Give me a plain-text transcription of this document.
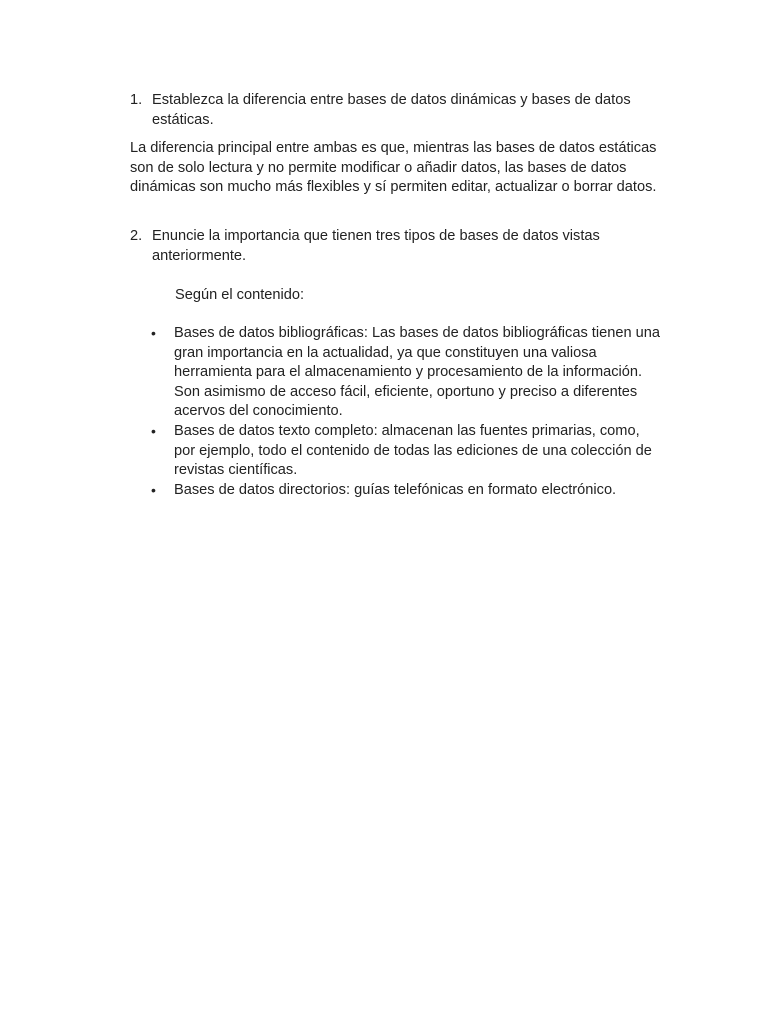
1. Establezca la diferencia entre bases de datos dinámicas y bases de datos estáticas.
La diferencia principal entre ambas es que, mientras las bases de datos estáticas son de solo lectura y no permite modificar o añadir datos, las bases de datos dinámicas son mucho más flexibles y sí permiten editar, actualizar o borrar datos.
2. Enuncie la importancia que tienen tres tipos de bases de datos vistas anteriormente.
Según el contenido:
• Bases de datos bibliográficas: Las bases de datos bibliográficas tienen una gran importancia en la actualidad, ya que constituyen una valiosa herramienta para el almacenamiento y procesamiento de la información. Son asimismo de acceso fácil, eficiente, oportuno y preciso a diferentes acervos del conocimiento.
• Bases de datos texto completo: almacenan las fuentes primarias, como, por ejemplo, todo el contenido de todas las ediciones de una colección de revistas científicas.
• Bases de datos directorios: guías telefónicas en formato electrónico.
